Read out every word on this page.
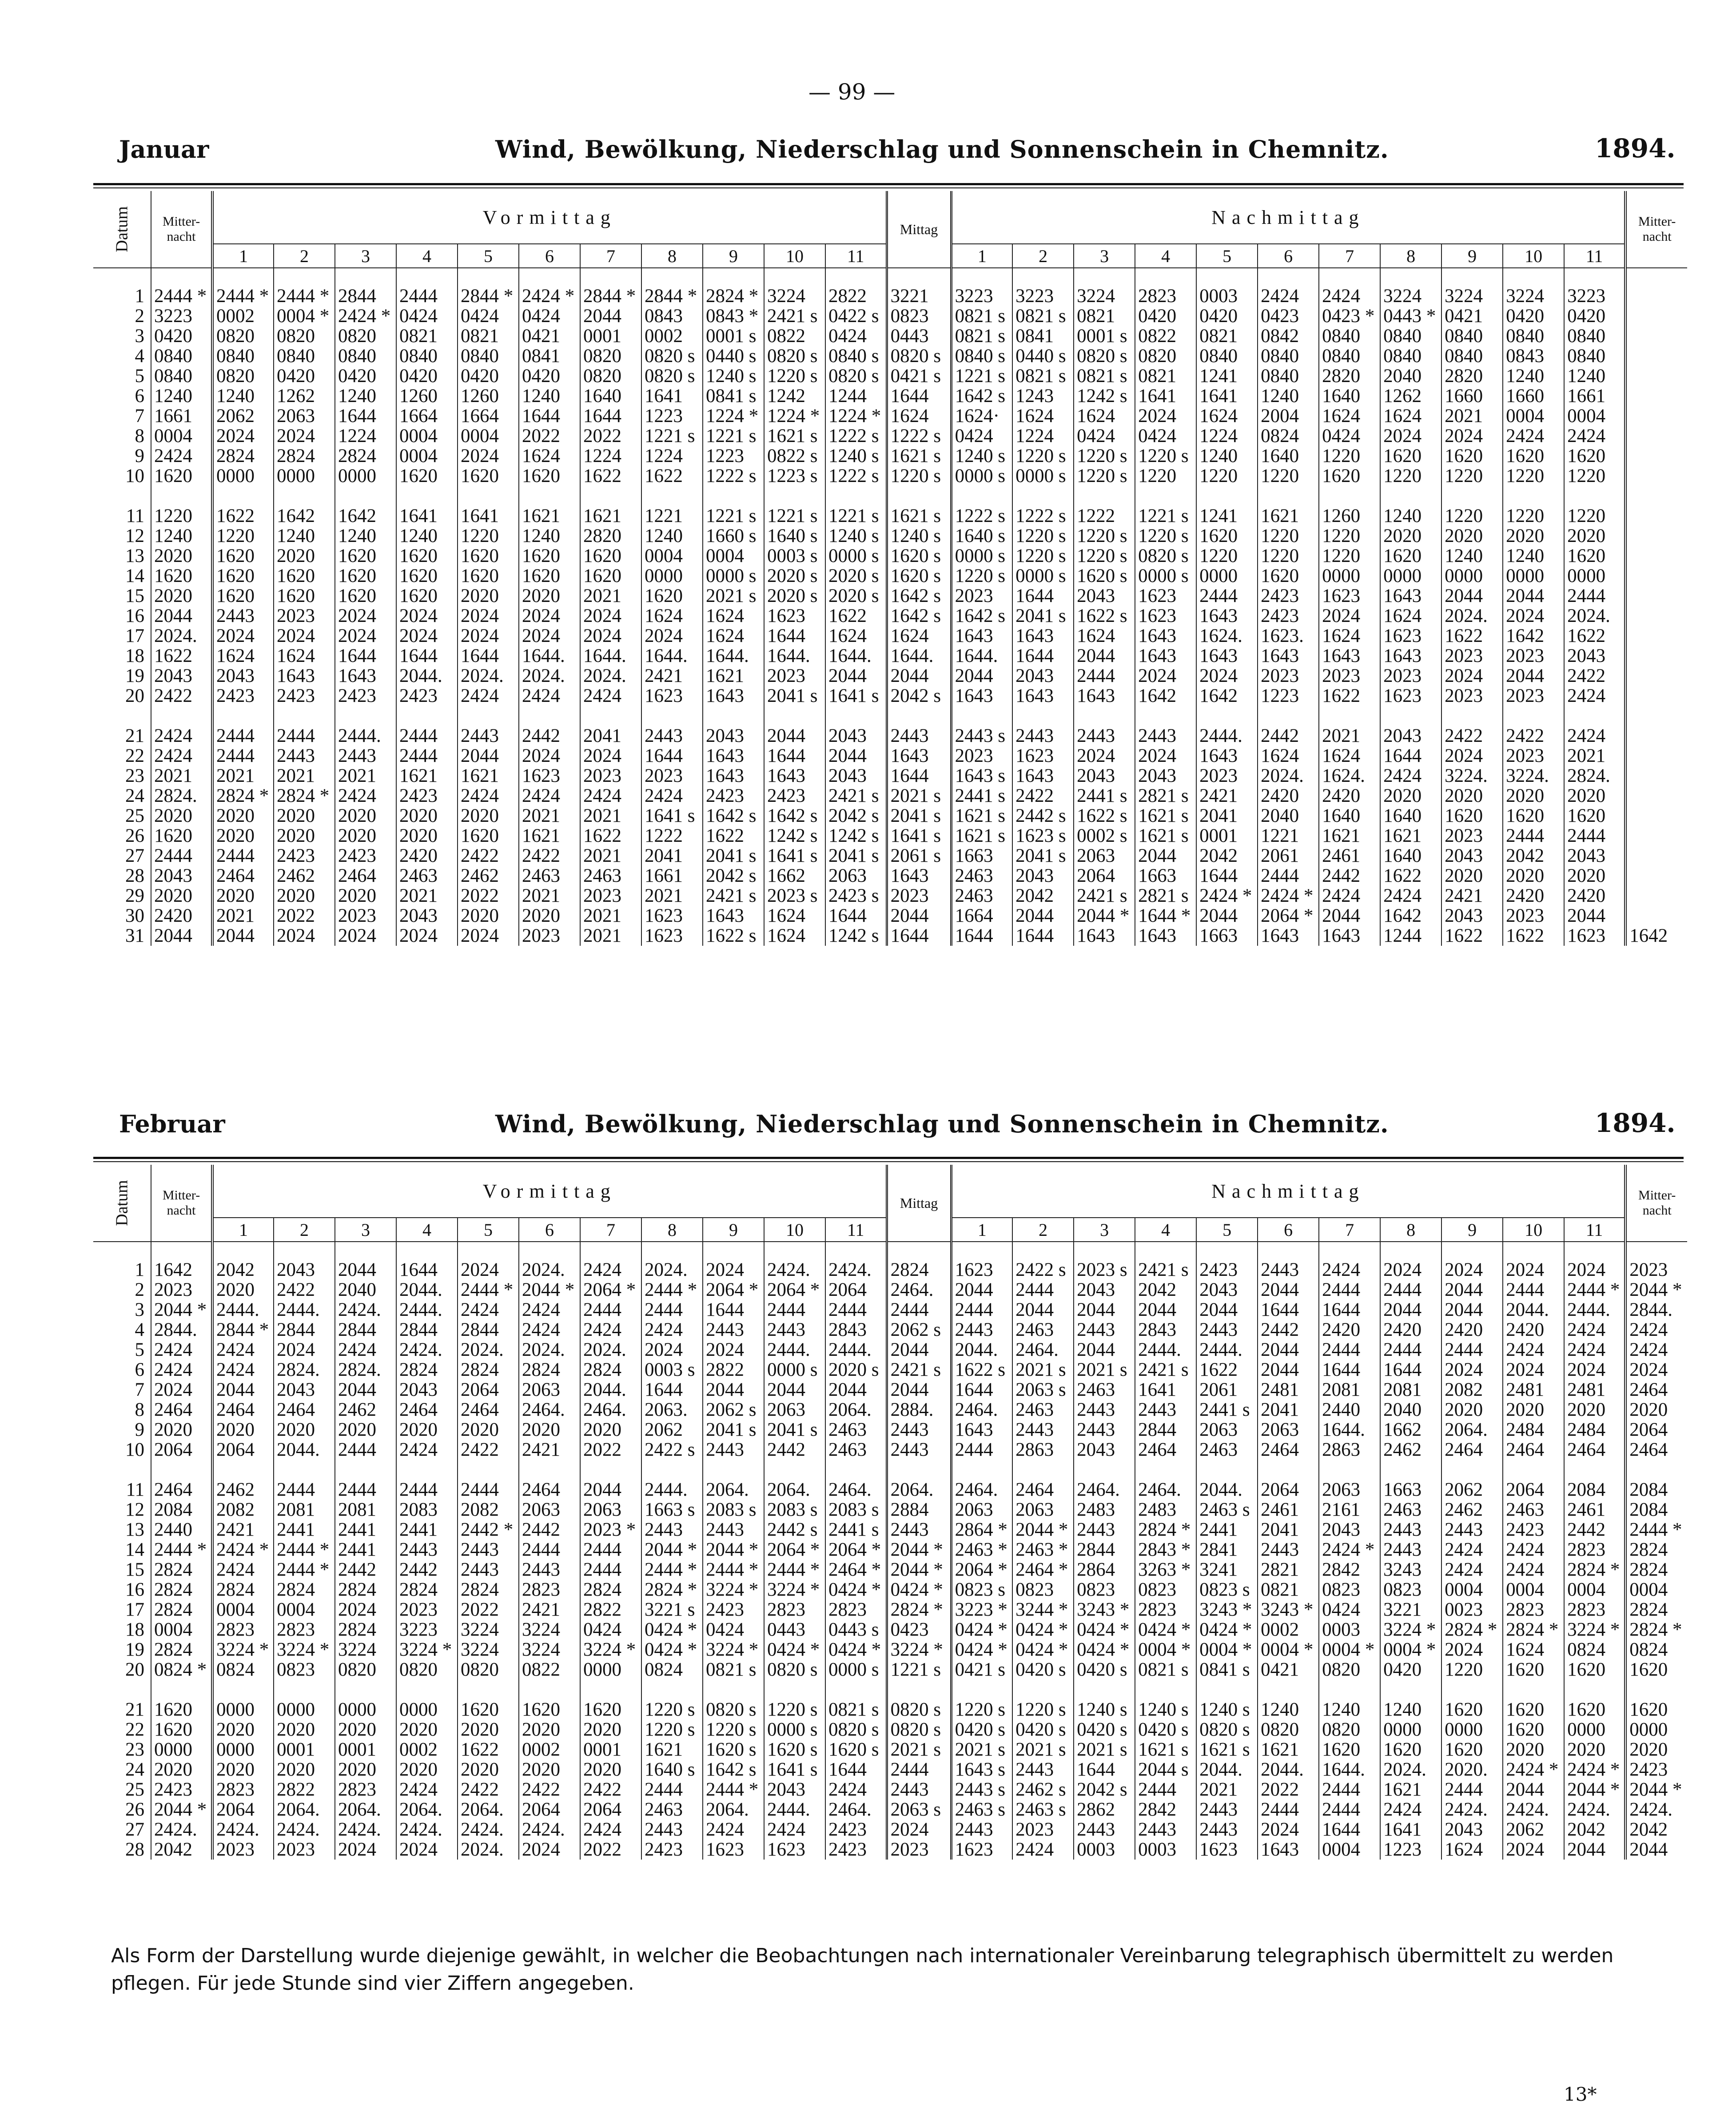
— 99 —
Januar	Wind, Bewölkung, Niederschlag und Sonnenschein in Chemnitz.	1894.
Datum	Mitter-nacht	Vormittag											Mittag	Nachmittag											Mitter-nacht
		1	2	3	4	5	6	7	8	9	10	11		1	2	3	4	5	6	7	8	9	10	11	

1	2444 *	2444 *	2444 *	2844	2444	2844 *	2424 *	2844 *	2844 *	2824 *	3224	2822	3221	3223	3223	3224	2823	0003	2424	2424	3224	3224	3224	3223	
2	3223	0002	0004 *	2424 *	0424	0424	0424	2044	0843	0843 *	2421 s	0422 s	0823	0821 s	0821 s	0821	0420	0420	0423	0423 *	0443 *	0421	0420	0420	
3	0420	0820	0820	0820	0821	0821	0421	0001	0002	0001 s	0822	0424	0443	0821 s	0841	0001 s	0822	0821	0842	0840	0840	0840	0840	0840	
4	0840	0840	0840	0840	0840	0840	0841	0820	0820 s	0440 s	0820 s	0840 s	0820 s	0840 s	0440 s	0820 s	0820	0840	0840	0840	0840	0840	0843	0840	
5	0840	0820	0420	0420	0420	0420	0420	0820	0820 s	1240 s	1220 s	0820 s	0421 s	1221 s	0821 s	0821 s	0821	1241	0840	2820	2040	2820	1240	1240	
6	1240	1240	1262	1240	1260	1260	1240	1640	1641	0841 s	1242	1244	1644	1642 s	1243	1242 s	1641	1641	1240	1640	1262	1660	1660	1661	
7	1661	2062	2063	1644	1664	1664	1644	1644	1223	1224 *	1224 *	1224 *	1624	1624·	1624	1624	2024	1624	2004	1624	1624	2021	0004	0004	
8	0004	2024	2024	1224	0004	0004	2022	2022	1221 s	1221 s	1621 s	1222 s	1222 s	0424	1224	0424	0424	1224	0824	0424	2024	2024	2424	2424	
9	2424	2824	2824	2824	0004	2024	1624	1224	1224	1223	0822 s	1240 s	1621 s	1240 s	1220 s	1220 s	1220 s	1240	1640	1220	1620	1620	1620	1620	
10	1620	0000	0000	0000	1620	1620	1620	1622	1622	1222 s	1223 s	1222 s	1220 s	0000 s	0000 s	1220 s	1220	1220	1220	1620	1220	1220	1220	1220	

11	1220	1622	1642	1642	1641	1641	1621	1621	1221	1221 s	1221 s	1221 s	1621 s	1222 s	1222 s	1222	1221 s	1241	1621	1260	1240	1220	1220	1220	
12	1240	1220	1240	1240	1240	1220	1240	2820	1240	1660 s	1640 s	1240 s	1240 s	1640 s	1220 s	1220 s	1220 s	1620	1220	1220	2020	2020	2020	2020	
13	2020	1620	2020	1620	1620	1620	1620	1620	0004	0004	0003 s	0000 s	1620 s	0000 s	1220 s	1220 s	0820 s	1220	1220	1220	1620	1240	1240	1620	
14	1620	1620	1620	1620	1620	1620	1620	1620	0000	0000 s	2020 s	2020 s	1620 s	1220 s	0000 s	1620 s	0000 s	0000	1620	0000	0000	0000	0000	0000	
15	2020	1620	1620	1620	1620	2020	2020	2021	1620	2021 s	2020 s	2020 s	1642 s	2023	1644	2043	1623	2444	2423	1623	1643	2044	2044	2444	
16	2044	2443	2023	2024	2024	2024	2024	2024	1624	1624	1623	1622	1642 s	1642 s	2041 s	1622 s	1623	1643	2423	2024	1624	2024.	2024	2024.	
17	2024.	2024	2024	2024	2024	2024	2024	2024	2024	1624	1644	1624	1624	1643	1643	1624	1643	1624.	1623.	1624	1623	1622	1642	1622	
18	1622	1624	1624	1644	1644	1644	1644.	1644.	1644.	1644.	1644.	1644.	1644.	1644.	1644	2044	1643	1643	1643	1643	1643	2023	2023	2043	
19	2043	2043	1643	1643	2044.	2024.	2024.	2024.	2421	1621	2023	2044	2044	2044	2043	2444	2024	2024	2023	2023	2023	2024	2044	2422	
20	2422	2423	2423	2423	2423	2424	2424	2424	1623	1643	2041 s	1641 s	2042 s	1643	1643	1643	1642	1642	1223	1622	1623	2023	2023	2424	

21	2424	2444	2444	2444.	2444	2443	2442	2041	2443	2043	2044	2043	2443	2443 s	2443	2443	2443	2444.	2442	2021	2043	2422	2422	2424	
22	2424	2444	2443	2443	2444	2044	2024	2024	1644	1643	1644	2044	1643	2023	1623	2024	2024	1643	1624	1624	1644	2024	2023	2021	
23	2021	2021	2021	2021	1621	1621	1623	2023	2023	1643	1643	2043	1644	1643 s	1643	2043	2043	2023	2024.	1624.	2424	3224.	3224.	2824.	
24	2824.	2824 *	2824 *	2424	2423	2424	2424	2424	2424	2423	2423	2421 s	2021 s	2441 s	2422	2441 s	2821 s	2421	2420	2420	2020	2020	2020	2020	
25	2020	2020	2020	2020	2020	2020	2021	2021	1641 s	1642 s	1642 s	2042 s	2041 s	1621 s	2442 s	1622 s	1621 s	2041	2040	1640	1640	1620	1620	1620	
26	1620	2020	2020	2020	2020	1620	1621	1622	1222	1622	1242 s	1242 s	1641 s	1621 s	1623 s	0002 s	1621 s	0001	1221	1621	1621	2023	2444	2444	
27	2444	2444	2423	2423	2420	2422	2422	2021	2041	2041 s	1641 s	2041 s	2061 s	1663	2041 s	2063	2044	2042	2061	2461	1640	2043	2042	2043	
28	2043	2464	2462	2464	2463	2462	2463	2463	1661	2042 s	1662	2063	1643	2463	2043	2064	1663	1644	2444	2442	1622	2020	2020	2020	
29	2020	2020	2020	2020	2021	2022	2021	2023	2021	2421 s	2023 s	2423 s	2023	2463	2042	2421 s	2821 s	2424 *	2424 *	2424	2424	2421	2420	2420	
30	2420	2021	2022	2023	2043	2020	2020	2021	1623	1643	1624	1644	2044	1664	2044	2044 *	1644 *	2044	2064 *	2044	1642	2043	2023	2044	
31	2044	2044	2024	2024	2024	2024	2023	2021	1623	1622 s	1624	1242 s	1644	1644	1644	1643	1643	1663	1643	1643	1244	1622	1622	1623	1642
Februar	Wind, Bewölkung, Niederschlag und Sonnenschein in Chemnitz.	1894.
Datum	Mitter-nacht	Vormittag											Mittag	Nachmittag											Mitter-nacht
		1	2	3	4	5	6	7	8	9	10	11		1	2	3	4	5	6	7	8	9	10	11	

1	1642	2042	2043	2044	1644	2024	2024.	2424	2024.	2024	2424.	2424.	2824	1623	2422 s	2023 s	2421 s	2423	2443	2424	2024	2024	2024	2024	2023
2	2023	2020	2422	2040	2044.	2444 *	2044 *	2064 *	2444 *	2064 *	2064 *	2064	2464.	2044	2444	2043	2042	2043	2044	2444	2444	2044	2444	2444 *	2044 *
3	2044 *	2444.	2444.	2424.	2444.	2424	2424	2444	2444	1644	2444	2444	2444	2444	2044	2044	2044	2044	1644	1644	2044	2044	2044.	2444.	2844.
4	2844.	2844 *	2844	2844	2844	2844	2424	2424	2424	2443	2443	2843	2062 s	2443	2463	2443	2843	2443	2442	2420	2420	2420	2420	2424	2424
5	2424	2424	2024	2424	2424.	2024.	2024.	2024.	2024	2024	2444.	2444.	2044	2044.	2464.	2044	2444.	2444.	2044	2444	2444	2444	2424	2424	2424
6	2424	2424	2824.	2824.	2824	2824	2824	2824	0003 s	2822	0000 s	2020 s	2421 s	1622 s	2021 s	2021 s	2421 s	1622	2044	1644	1644	2024	2024	2024	2024
7	2024	2044	2043	2044	2043	2064	2063	2044.	1644	2044	2044	2044	2044	1644	2063 s	2463	1641	2061	2481	2081	2081	2082	2481	2481	2464
8	2464	2464	2464	2462	2464	2464	2464.	2464.	2063.	2062 s	2063	2064.	2884.	2464.	2463	2443	2443	2441 s	2041	2440	2040	2020	2020	2020	2020
9	2020	2020	2020	2020	2020	2020	2020	2020	2062	2041 s	2041 s	2463	2443	1643	2443	2443	2844	2063	2063	1644.	1662	2064.	2484	2484	2064
10	2064	2064	2044.	2444	2424	2422	2421	2022	2422 s	2443	2442	2463	2443	2444	2863	2043	2464	2463	2464	2863	2462	2464	2464	2464	2464

11	2464	2462	2444	2444	2444	2444	2464	2044	2444.	2064.	2064.	2464.	2064.	2464.	2464	2464.	2464.	2044.	2064	2063	1663	2062	2064	2084	2084
12	2084	2082	2081	2081	2083	2082	2063	2063	1663 s	2083 s	2083 s	2083 s	2884	2063	2063	2483	2483	2463 s	2461	2161	2463	2462	2463	2461	2084
13	2440	2421	2441	2441	2441	2442 *	2442	2023 *	2443	2443	2442 s	2441 s	2443	2864 *	2044 *	2443	2824 *	2441	2041	2043	2443	2443	2423	2442	2444 *
14	2444 *	2424 *	2444 *	2441	2443	2443	2444	2444	2044 *	2044 *	2064 *	2064 *	2044 *	2463 *	2463 *	2844	2843 *	2841	2443	2424 *	2443	2424	2424	2823	2824
15	2824	2424	2444 *	2442	2442	2443	2443	2444	2444 *	2444 *	2444 *	2464 *	2044 *	2064 *	2464 *	2864	3263 *	3241	2821	2842	3243	2424	2424	2824 *	2824
16	2824	2824	2824	2824	2824	2824	2823	2824	2824 *	3224 *	3224 *	0424 *	0424 *	0823 s	0823	0823	0823	0823 s	0821	0823	0823	0004	0004	0004	0004
17	2824	0004	0004	2024	2023	2022	2421	2822	3221 s	2423	2823	2823	2824 *	3223 *	3244 *	3243 *	2823	3243 *	3243 *	0424	3221	0023	2823	2823	2824
18	0004	2823	2823	2824	3223	3224	3224	0424	0424 *	0424	0443	0443 s	0423	0424 *	0424 *	0424 *	0424 *	0424 *	0002	0003	3224 *	2824 *	2824 *	3224 *	2824 *
19	2824	3224 *	3224 *	3224	3224 *	3224	3224	3224 *	0424 *	3224 *	0424 *	0424 *	3224 *	0424 *	0424 *	0424 *	0004 *	0004 *	0004 *	0004 *	0004 *	2024	1624	0824	0824
20	0824 *	0824	0823	0820	0820	0820	0822	0000	0824	0821 s	0820 s	0000 s	1221 s	0421 s	0420 s	0420 s	0821 s	0841 s	0421	0820	0420	1220	1620	1620	1620

21	1620	0000	0000	0000	0000	1620	1620	1620	1220 s	0820 s	1220 s	0821 s	0820 s	1220 s	1220 s	1240 s	1240 s	1240 s	1240	1240	1240	1620	1620	1620	1620
22	1620	2020	2020	2020	2020	2020	2020	2020	1220 s	1220 s	0000 s	0820 s	0820 s	0420 s	0420 s	0420 s	0420 s	0820 s	0820	0820	0000	0000	1620	0000	0000
23	0000	0000	0001	0001	0002	1622	0002	0001	1621	1620 s	1620 s	1620 s	2021 s	2021 s	2021 s	2021 s	1621 s	1621 s	1621	1620	1620	1620	2020	2020	2020
24	2020	2020	2020	2020	2020	2020	2020	2020	1640 s	1642 s	1641 s	1644	2444	1643 s	2443	1644	2044 s	2044.	2044.	1644.	2024.	2020.	2424 *	2424 *	2423
25	2423	2823	2822	2823	2424	2422	2422	2422	2444	2444 *	2043	2424	2443	2443 s	2462 s	2042 s	2444	2021	2022	2444	1621	2444	2044	2044 *	2044 *
26	2044 *	2064	2064.	2064.	2064.	2064.	2064	2064	2463	2064.	2444.	2464.	2063 s	2463 s	2463 s	2862	2842	2443	2444	2444	2424	2424.	2424.	2424.	2424.
27	2424.	2424.	2424.	2424.	2424.	2424.	2424.	2424	2443	2424	2424	2423	2024	2443	2023	2443	2443	2443	2024	1644	1641	2043	2062	2042	2042
28	2042	2023	2023	2024	2024	2024.	2024	2022	2423	1623	1623	2423	2023	1623	2424	0003	0003	1623	1643	0004	1223	1624	2024	2044	2044
Als Form der Darstellung wurde diejenige gewählt, in welcher die Beobachtungen nach internationaler Vereinbarung telegraphisch übermittelt zu werden pflegen. Für jede Stunde sind vier Ziffern angegeben.
13*
